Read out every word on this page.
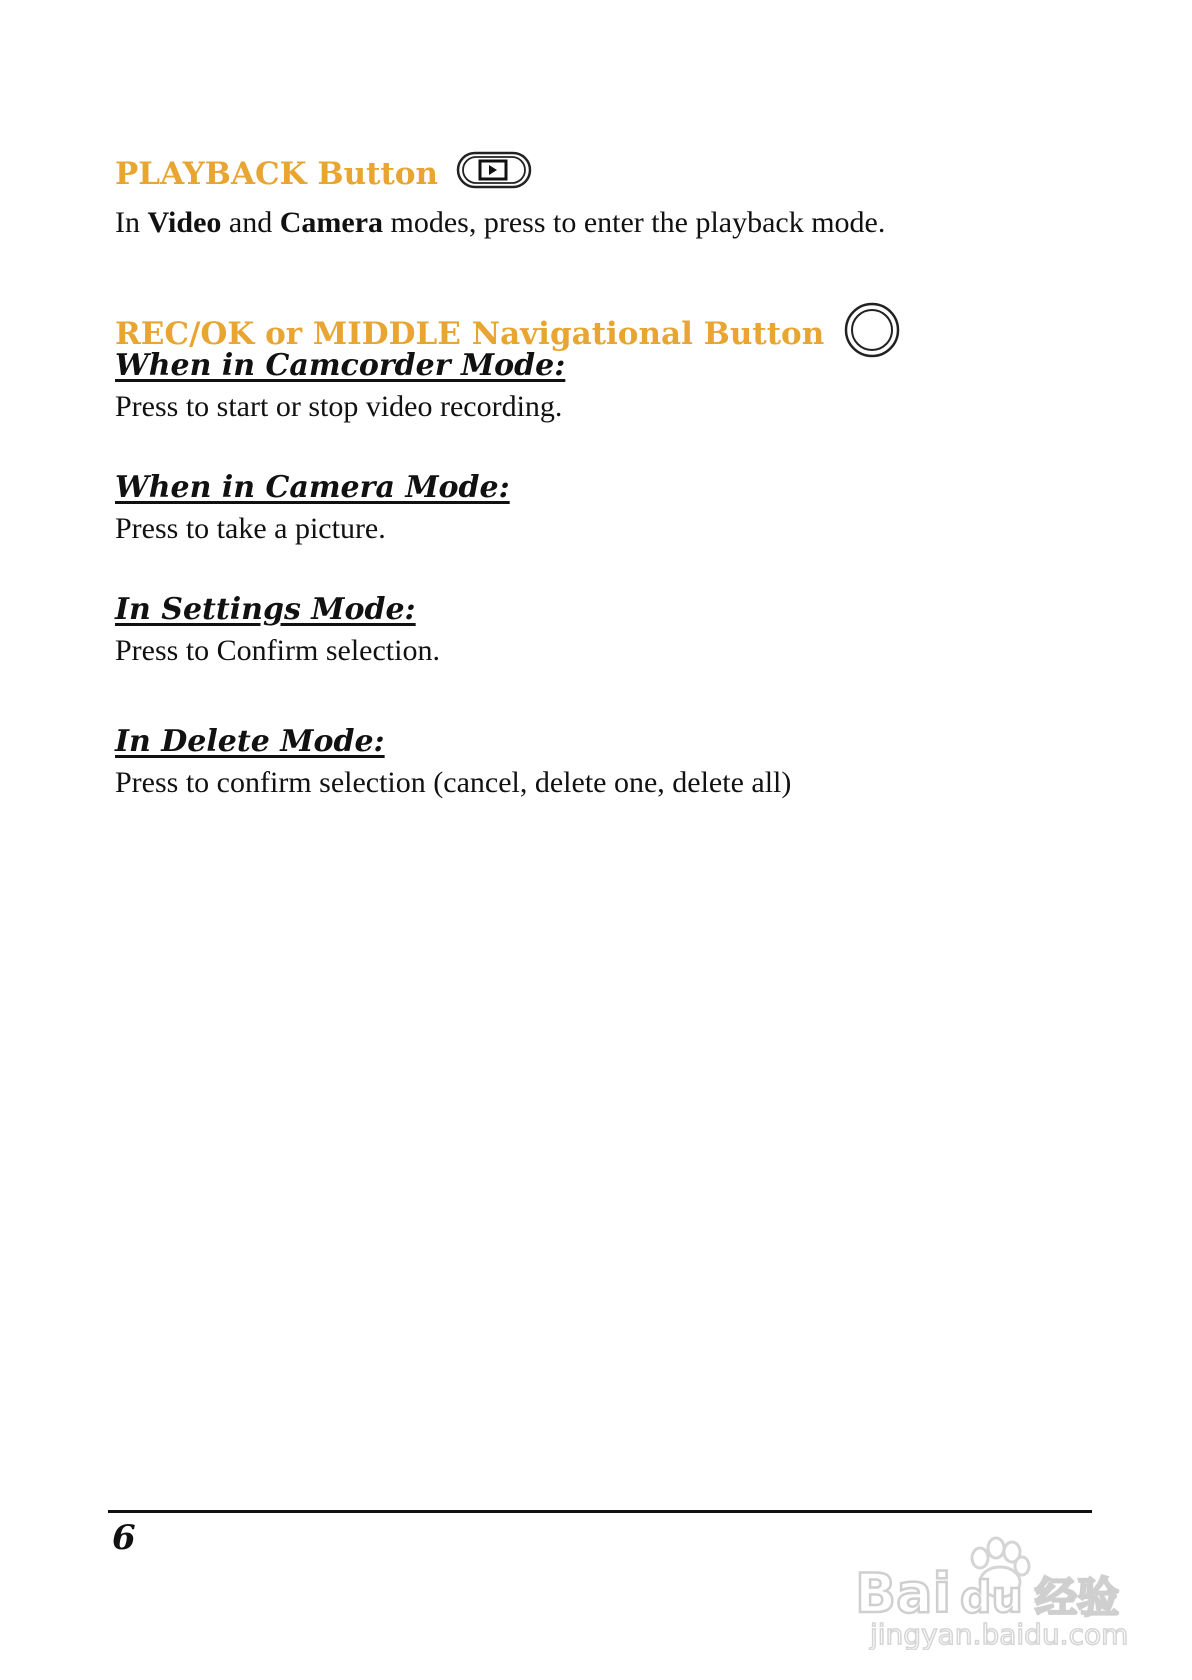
PLAYBACK Button
In Video and Camera modes, press to enter the playback mode.
REC/OK or MIDDLE Navigational Button
When in Camcorder Mode:
Press to start or stop video recording.
When in Camera Mode:
Press to take a picture.
In Settings Mode:
Press to Confirm selection.
In Delete Mode:
Press to confirm selection (cancel, delete one, delete all)
6
Bai du 经验
jingyan.baidu.com
